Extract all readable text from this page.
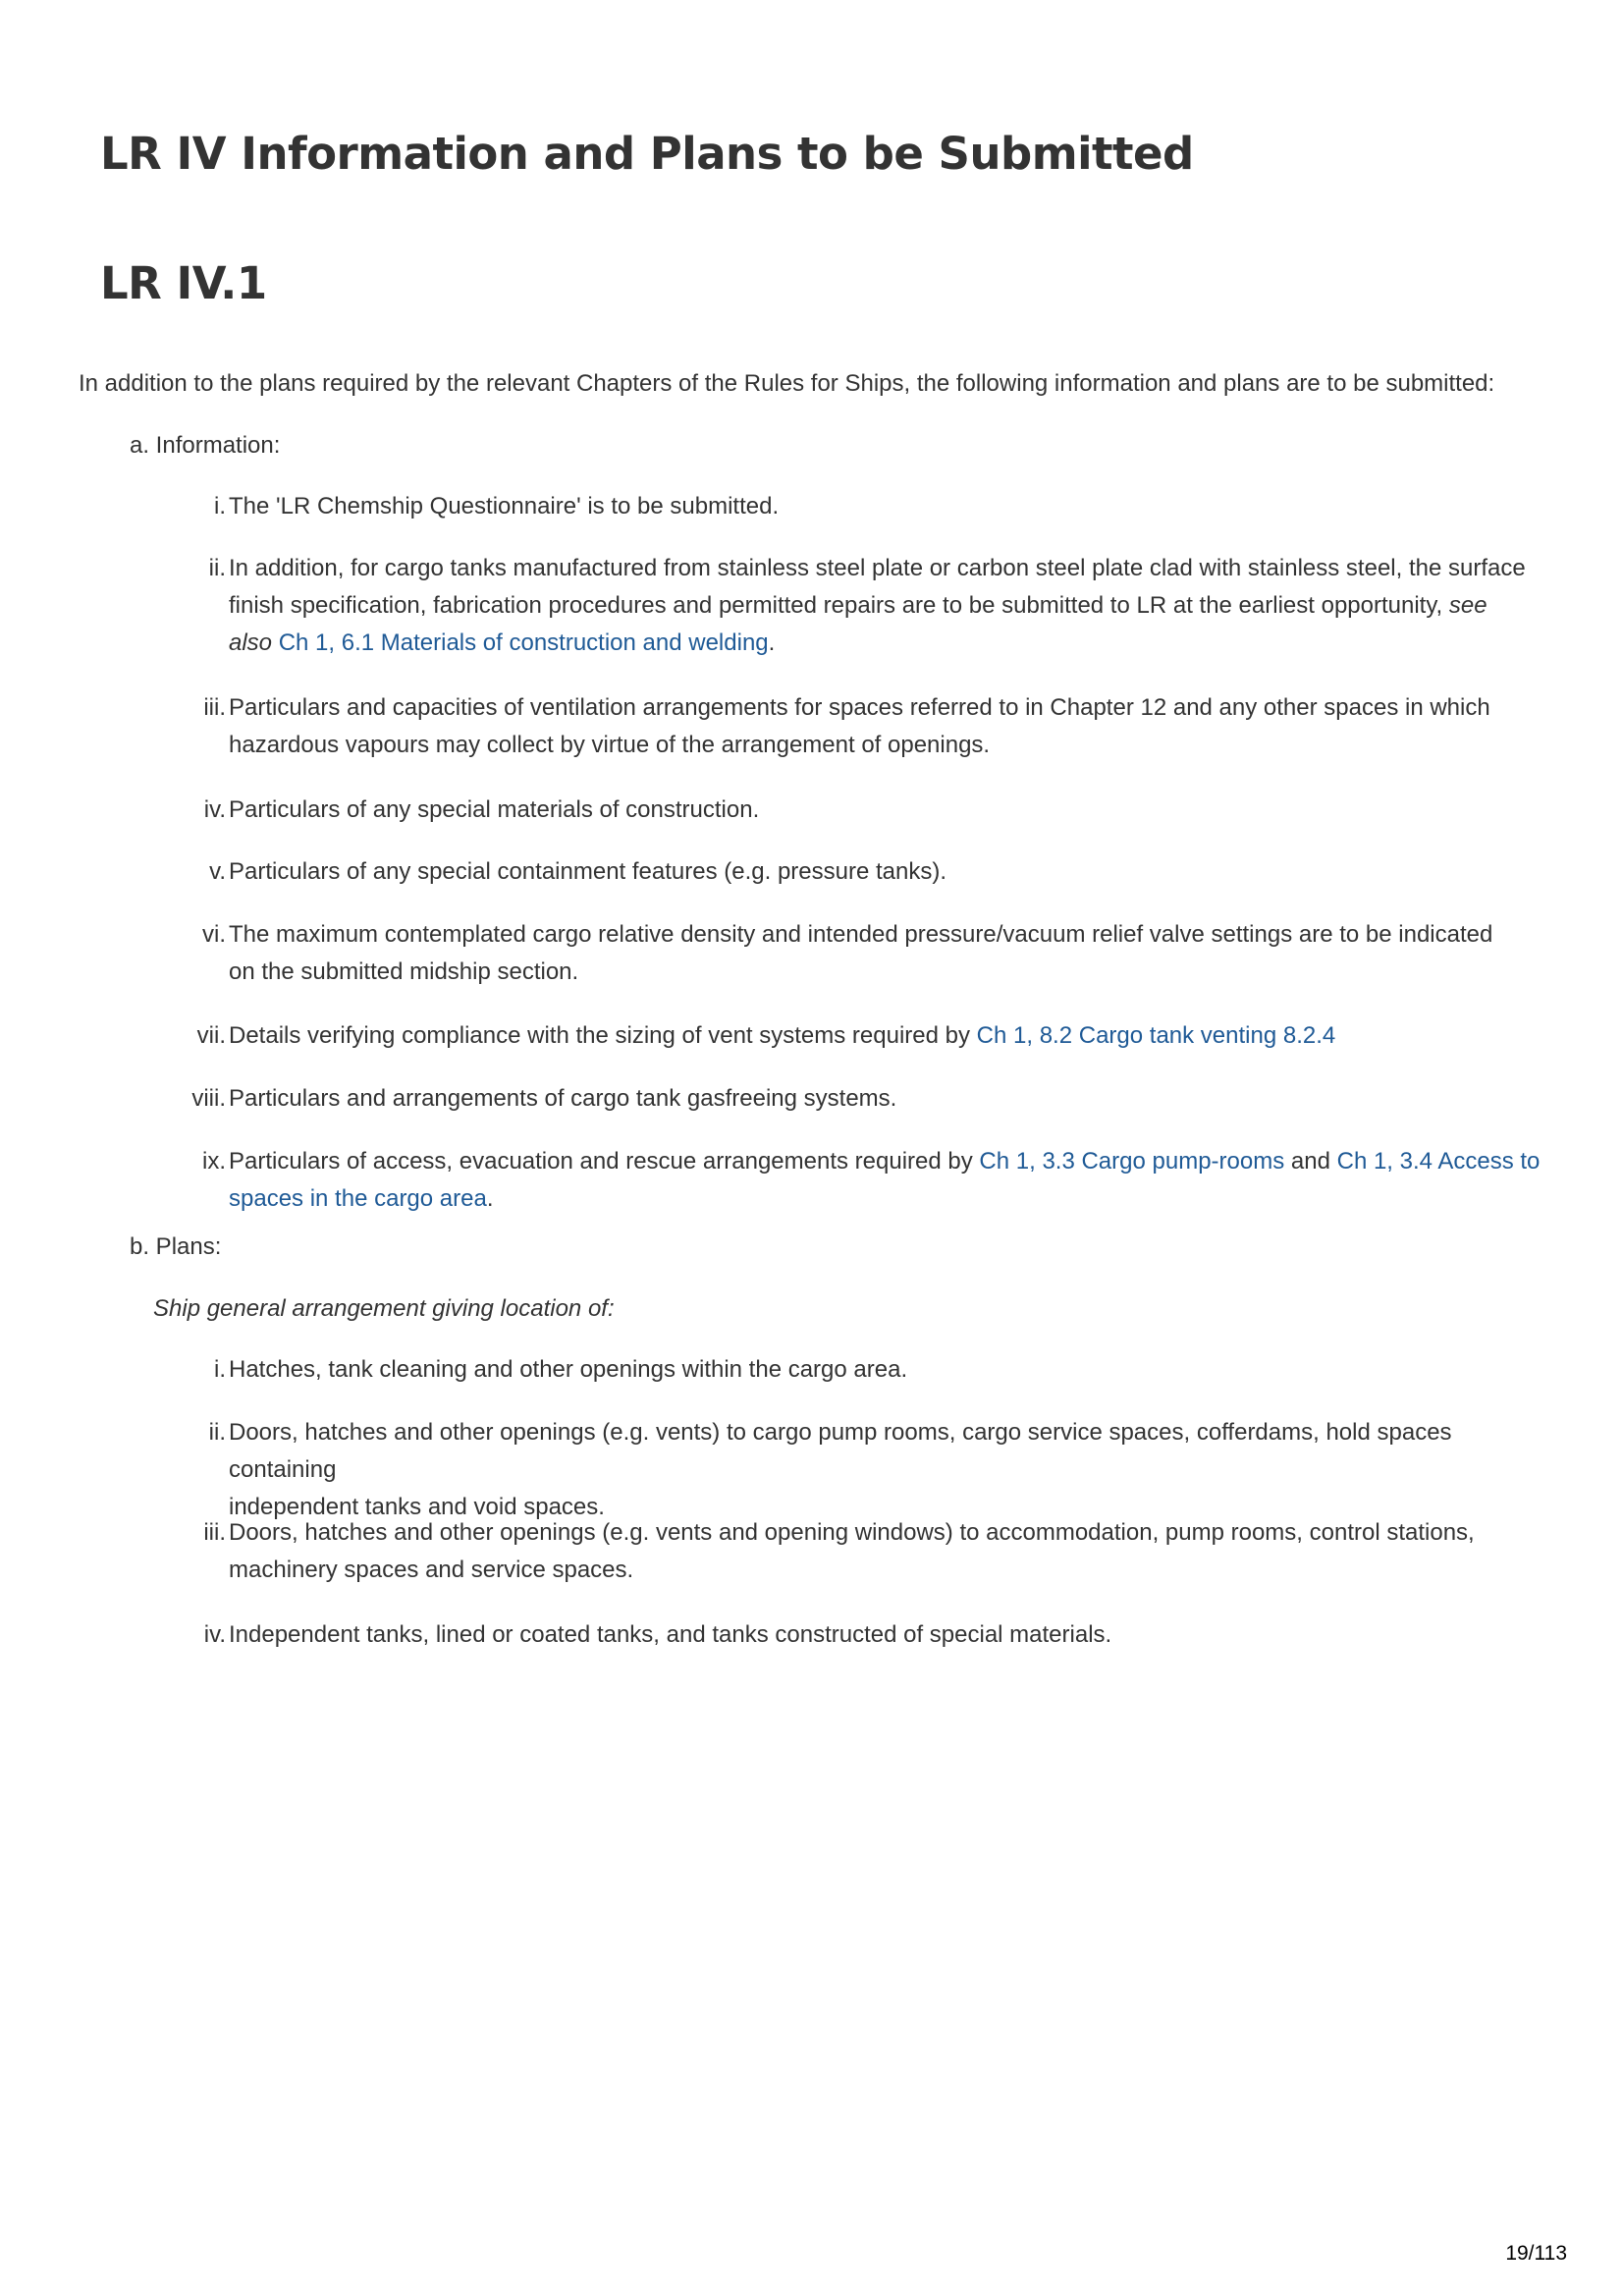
LR IV Information and Plans to be Submitted
LR IV.1
In addition to the plans required by the relevant Chapters of the Rules for Ships, the following information and plans are to be submitted:
a. Information:
i. The 'LR Chemship Questionnaire' is to be submitted.
ii. In addition, for cargo tanks manufactured from stainless steel plate or carbon steel plate clad with stainless steel, the surface
finish specification, fabrication procedures and permitted repairs are to be submitted to LR at the earliest opportunity, see
also Ch 1, 6.1 Materials of construction and welding.
iii. Particulars and capacities of ventilation arrangements for spaces referred to in Chapter 12 and any other spaces in which
hazardous vapours may collect by virtue of the arrangement of openings.
iv. Particulars of any special materials of construction.
v. Particulars of any special containment features (e.g. pressure tanks).
vi. The maximum contemplated cargo relative density and intended pressure/vacuum relief valve settings are to be indicated
on the submitted midship section.
vii. Details verifying compliance with the sizing of vent systems required by Ch 1, 8.2 Cargo tank venting 8.2.4
viii. Particulars and arrangements of cargo tank gasfreeing systems.
ix. Particulars of access, evacuation and rescue arrangements required by Ch 1, 3.3 Cargo pump-rooms and Ch 1, 3.4 Access to
spaces in the cargo area.
b. Plans:
Ship general arrangement giving location of:
i. Hatches, tank cleaning and other openings within the cargo area.
ii. Doors, hatches and other openings (e.g. vents) to cargo pump rooms, cargo service spaces, cofferdams, hold spaces containing
independent tanks and void spaces.
iii. Doors, hatches and other openings (e.g. vents and opening windows) to accommodation, pump rooms, control stations,
machinery spaces and service spaces.
iv. Independent tanks, lined or coated tanks, and tanks constructed of special materials.
19/113
